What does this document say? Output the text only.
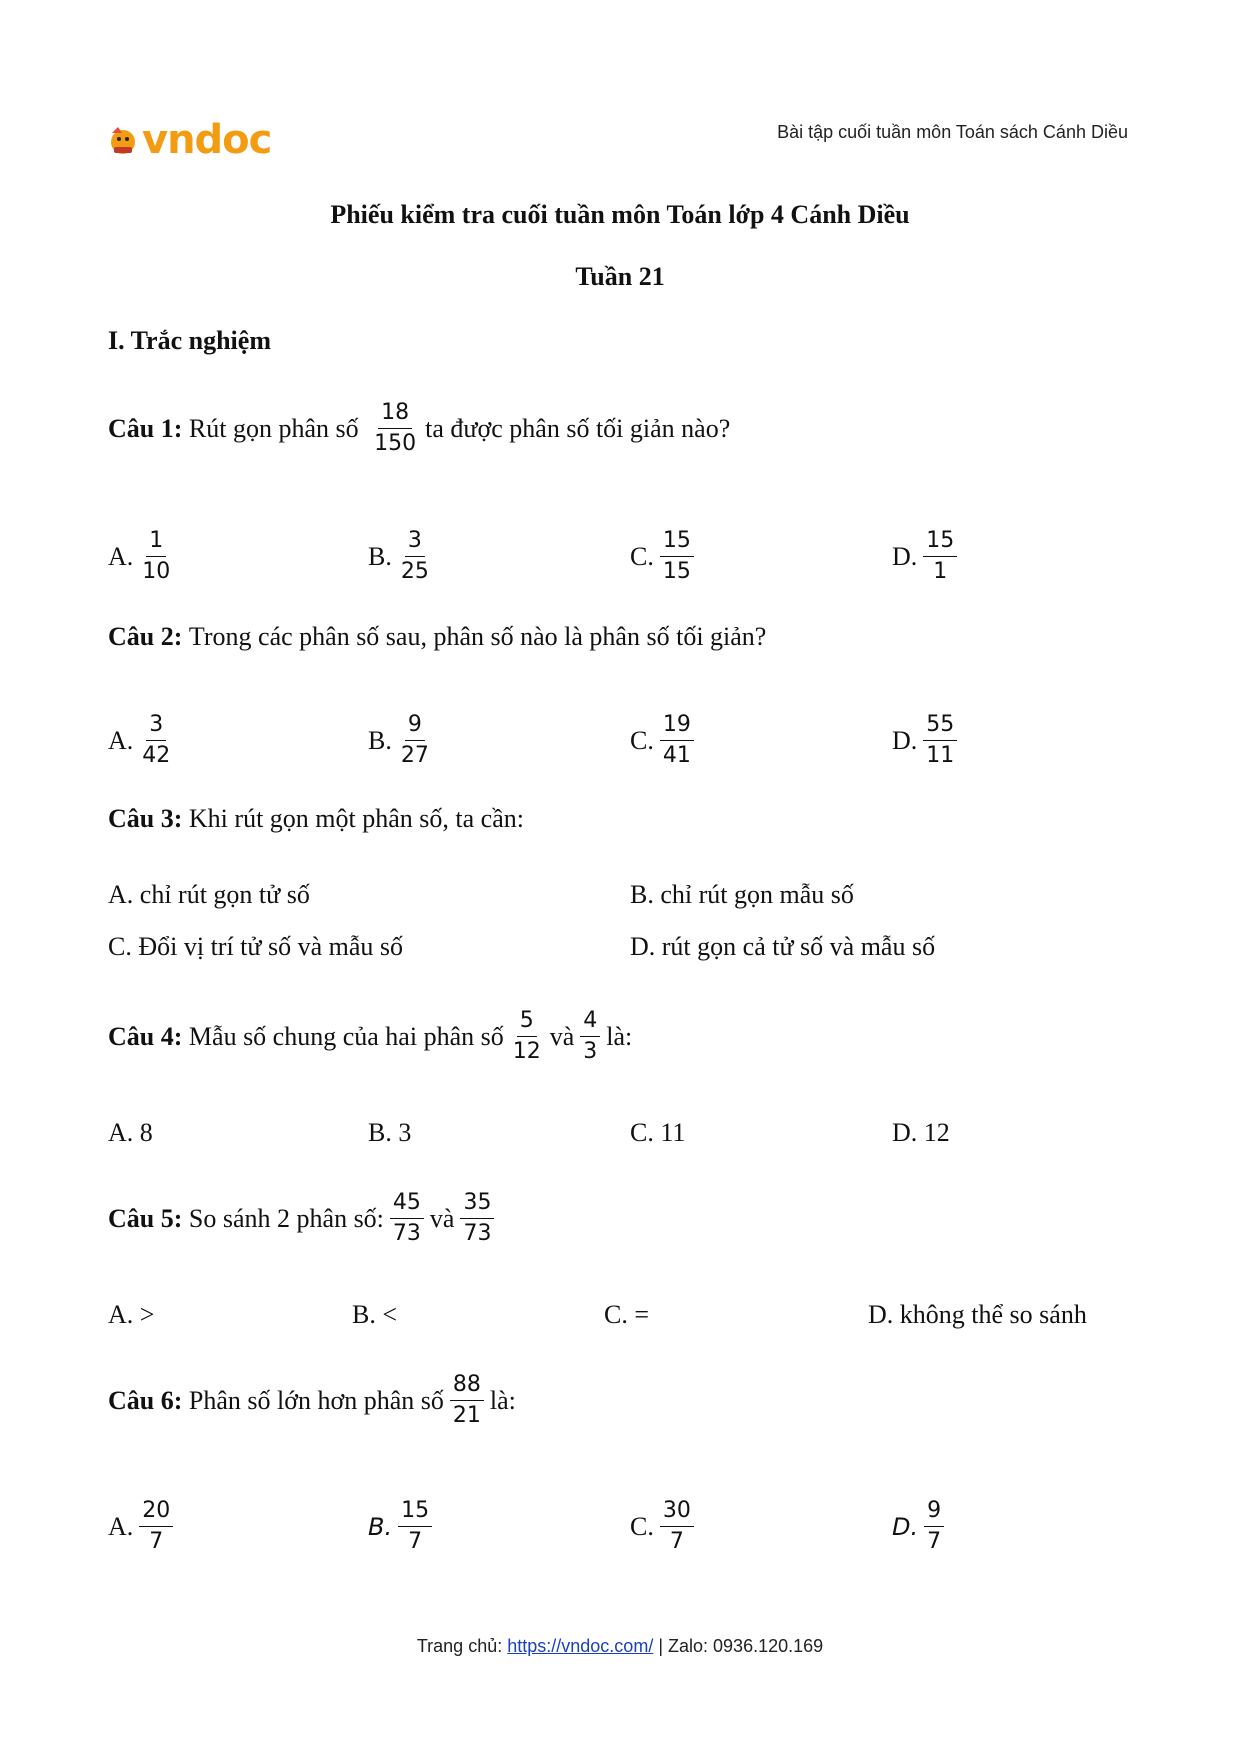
vndoc	Bài tập cuối tuần môn Toán sách Cánh Diều
Phiếu kiểm tra cuối tuần môn Toán lớp 4 Cánh Diều
Tuần 21
I. Trắc nghiệm
Câu 1:
Rút gọn phân số
$\frac{18}{150}$ ta được phân số tối giản nào?
A. $\frac{1}{10}$	B. $\frac{3}{25}$	C. $\frac{15}{15}$	D. $\frac{15}{1}$
Câu 2:
Trong các phân số sau, phân số nào là phân số tối giản?
A. $\frac{3}{42}$	B. $\frac{9}{27}$	C. $\frac{19}{41}$	D. $\frac{55}{11}$
Câu 3:
Khi rút gọn một phân số, ta cần:
A. chỉ rút gọn tử số	B. chỉ rút gọn mẫu số
C. Đổi vị trí tử số và mẫu số	D. rút gọn cả tử số và mẫu số
Câu 4:
Mẫu số chung của hai phân số $\frac{5}{12}$ và $\frac{4}{3}$ là:
A. 8	B. 3	C. 11	D. 12
Câu 5:
So sánh 2 phân số: $\frac{45}{73}$ và $\frac{35}{73}$
A. >	B. <	C. =	D. không thể so sánh
Câu 6:
Phân số lớn hơn phân số $\frac{88}{21}$ là:
A. $\frac{20}{7}$	B. $\frac{15}{7}$	C. $\frac{30}{7}$	D. $\frac{9}{7}$
Trang chủ: https://vndoc.com/ | Zalo: 0936.120.169
